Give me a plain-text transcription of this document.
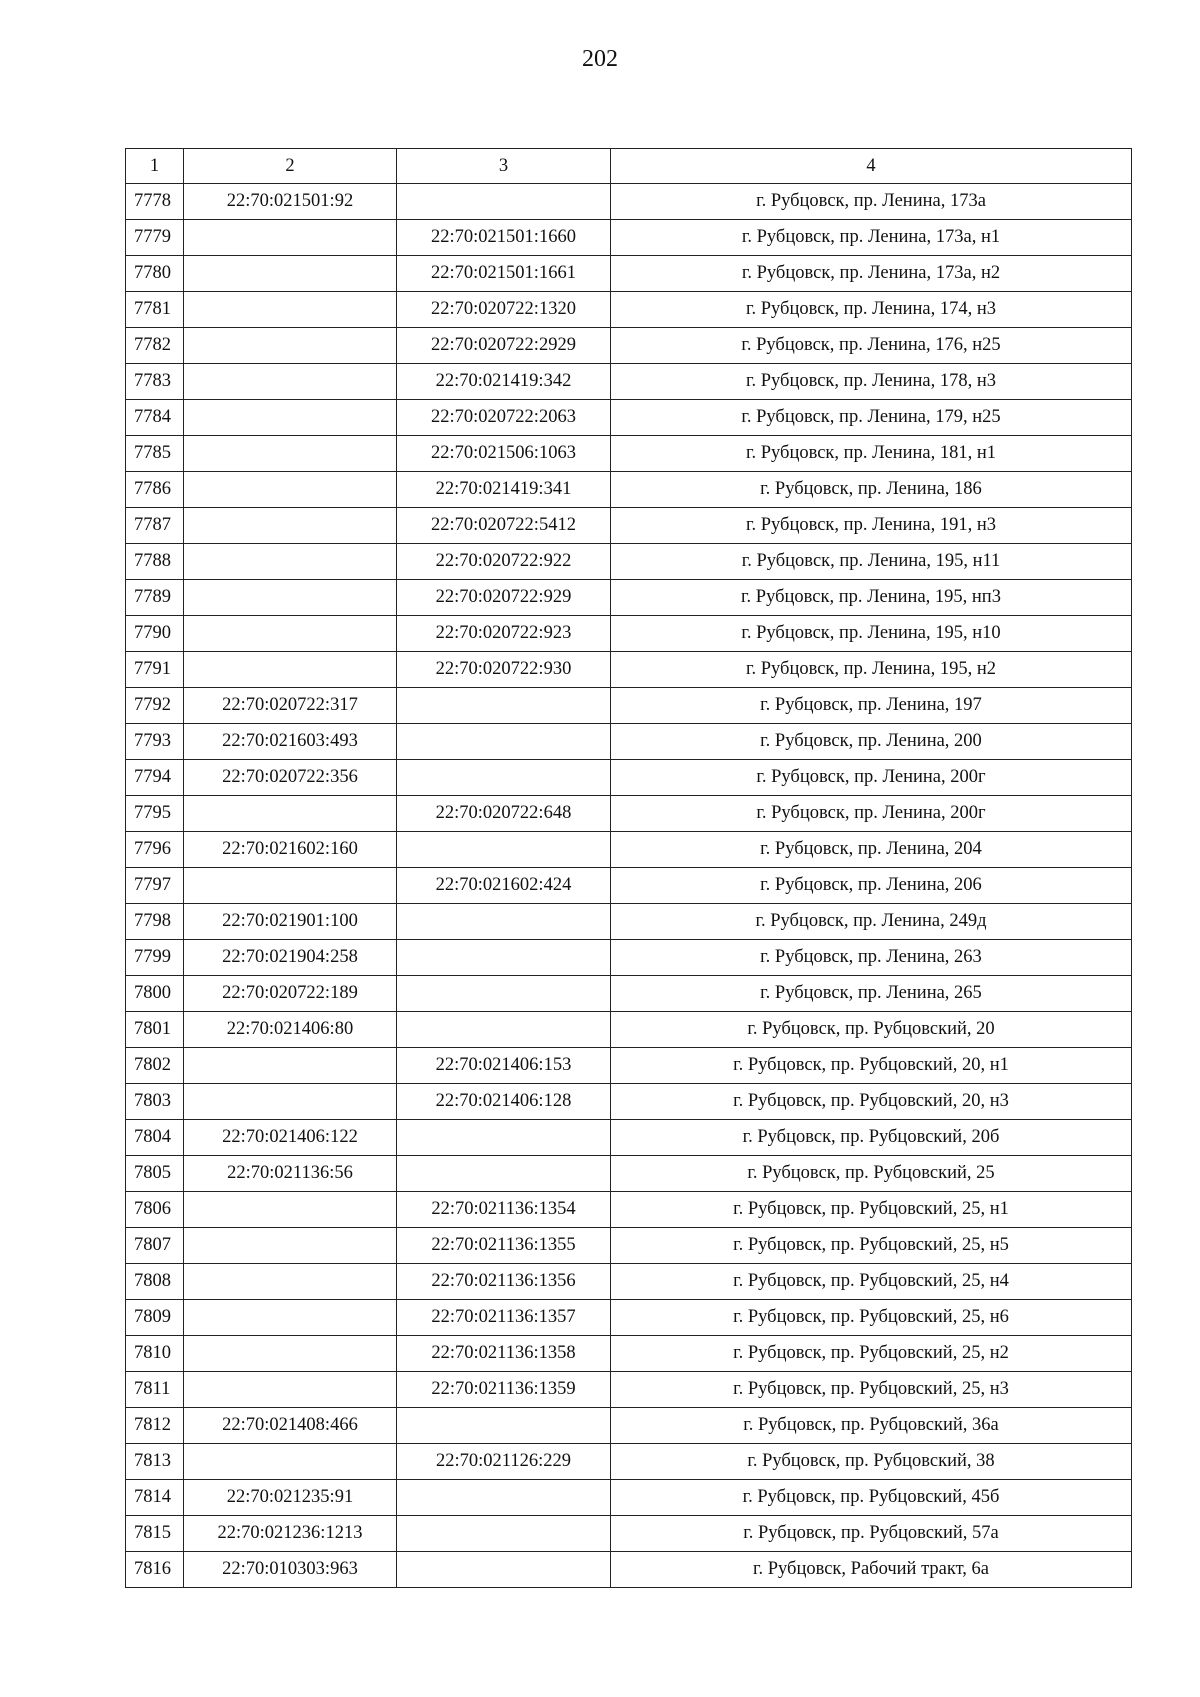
202
1	2	3	4
7778	22:70:021501:92		г. Рубцовск, пр. Ленина, 173а
7779		22:70:021501:1660	г. Рубцовск, пр. Ленина, 173а, н1
7780		22:70:021501:1661	г. Рубцовск, пр. Ленина, 173а, н2
7781		22:70:020722:1320	г. Рубцовск, пр. Ленина, 174, н3
7782		22:70:020722:2929	г. Рубцовск, пр. Ленина, 176, н25
7783		22:70:021419:342	г. Рубцовск, пр. Ленина, 178, н3
7784		22:70:020722:2063	г. Рубцовск, пр. Ленина, 179, н25
7785		22:70:021506:1063	г. Рубцовск, пр. Ленина, 181, н1
7786		22:70:021419:341	г. Рубцовск, пр. Ленина, 186
7787		22:70:020722:5412	г. Рубцовск, пр. Ленина, 191, н3
7788		22:70:020722:922	г. Рубцовск, пр. Ленина, 195, н11
7789		22:70:020722:929	г. Рубцовск, пр. Ленина, 195, нп3
7790		22:70:020722:923	г. Рубцовск, пр. Ленина, 195, н10
7791		22:70:020722:930	г. Рубцовск, пр. Ленина, 195, н2
7792	22:70:020722:317		г. Рубцовск, пр. Ленина, 197
7793	22:70:021603:493		г. Рубцовск, пр. Ленина, 200
7794	22:70:020722:356		г. Рубцовск, пр. Ленина, 200г
7795		22:70:020722:648	г. Рубцовск, пр. Ленина, 200г
7796	22:70:021602:160		г. Рубцовск, пр. Ленина, 204
7797		22:70:021602:424	г. Рубцовск, пр. Ленина, 206
7798	22:70:021901:100		г. Рубцовск, пр. Ленина, 249д
7799	22:70:021904:258		г. Рубцовск, пр. Ленина, 263
7800	22:70:020722:189		г. Рубцовск, пр. Ленина, 265
7801	22:70:021406:80		г. Рубцовск, пр. Рубцовский, 20
7802		22:70:021406:153	г. Рубцовск, пр. Рубцовский, 20, н1
7803		22:70:021406:128	г. Рубцовск, пр. Рубцовский, 20, н3
7804	22:70:021406:122		г. Рубцовск, пр. Рубцовский, 20б
7805	22:70:021136:56		г. Рубцовск, пр. Рубцовский, 25
7806		22:70:021136:1354	г. Рубцовск, пр. Рубцовский, 25, н1
7807		22:70:021136:1355	г. Рубцовск, пр. Рубцовский, 25, н5
7808		22:70:021136:1356	г. Рубцовск, пр. Рубцовский, 25, н4
7809		22:70:021136:1357	г. Рубцовск, пр. Рубцовский, 25, н6
7810		22:70:021136:1358	г. Рубцовск, пр. Рубцовский, 25, н2
7811		22:70:021136:1359	г. Рубцовск, пр. Рубцовский, 25, н3
7812	22:70:021408:466		г. Рубцовск, пр. Рубцовский, 36а
7813		22:70:021126:229	г. Рубцовск, пр. Рубцовский, 38
7814	22:70:021235:91		г. Рубцовск, пр. Рубцовский, 45б
7815	22:70:021236:1213		г. Рубцовск, пр. Рубцовский, 57а
7816	22:70:010303:963		г. Рубцовск, Рабочий тракт, 6а
